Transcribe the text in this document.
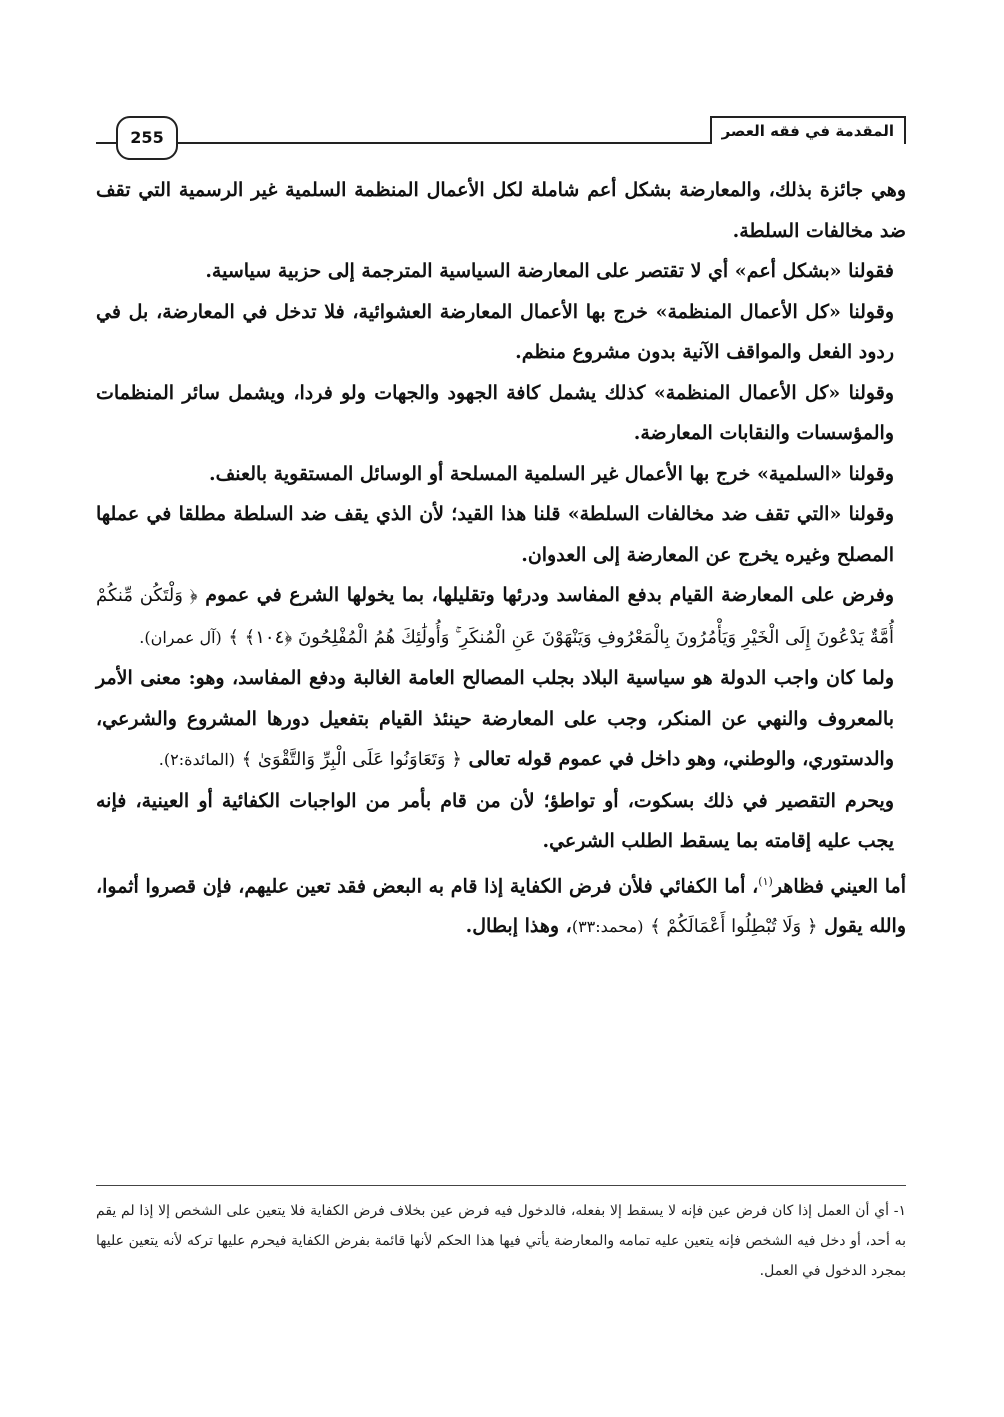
المقدمة في فقه العصر
255

وهي جائزة بذلك، والمعارضة بشكل أعم شاملة لكل الأعمال المنظمة السلمية غير الرسمية التي تقف ضد مخالفات السلطة.

فقولنا «بشكل أعم» أي لا تقتصر على المعارضة السياسية المترجمة إلى حزبية سياسية.

وقولنا «كل الأعمال المنظمة» خرج بها الأعمال المعارضة العشوائية، فلا تدخل في المعارضة، بل في ردود الفعل والمواقف الآنية بدون مشروع منظم.

وقولنا «كل الأعمال المنظمة» كذلك يشمل كافة الجهود والجهات ولو فردا، ويشمل سائر المنظمات والمؤسسات والنقابات المعارضة.

وقولنا «السلمية» خرج بها الأعمال غير السلمية المسلحة أو الوسائل المستقوية بالعنف.

وقولنا «التي تقف ضد مخالفات السلطة» قلنا هذا القيد؛ لأن الذي يقف ضد السلطة مطلقا في عملها المصلح وغيره يخرج عن المعارضة إلى العدوان.

وفرض على المعارضة القيام بدفع المفاسد ودرئها وتقليلها، بما يخولها الشرع في عموم ﴿ وَلْتَكُن مِّنكُمْ أُمَّةٌ يَدْعُونَ إِلَى الْخَيْرِ وَيَأْمُرُونَ بِالْمَعْرُوفِ وَيَنْهَوْنَ عَنِ الْمُنكَرِ ۚ وَأُولَٰئِكَ هُمُ الْمُفْلِحُونَ ﴿١٠٤﴾ ﴾ (آل عمران).

ولما كان واجب الدولة هو سياسية البلاد بجلب المصالح العامة الغالبة ودفع المفاسد، وهو: معنى الأمر بالمعروف والنهي عن المنكر، وجب على المعارضة حينئذ القيام بتفعيل دورها المشروع والشرعي، والدستوري، والوطني، وهو داخل في عموم قوله تعالى ﴿ وَتَعَاوَنُوا عَلَى الْبِرِّ وَالتَّقْوَىٰ ﴾ (المائدة:٢).

ويحرم التقصير في ذلك بسكوت، أو تواطؤ؛ لأن من قام بأمر من الواجبات الكفائية أو العينية، فإنه يجب عليه إقامته بما يسقط الطلب الشرعي.

أما العيني فظاهر$^{(١)}$، أما الكفائي فلأن فرض الكفاية إذا قام به البعض فقد تعين عليهم، فإن قصروا أثموا، والله يقول ﴿ وَلَا تُبْطِلُوا أَعْمَالَكُمْ ﴾ (محمد:٣٣)، وهذا إبطال.

١- أي أن العمل إذا كان فرض عين فإنه لا يسقط إلا بفعله، فالدخول فيه فرض عين بخلاف فرض الكفاية فلا يتعين على الشخص إلا إذا لم يقم به أحد، أو دخل فيه الشخص فإنه يتعين عليه تمامه والمعارضة يأتي فيها هذا الحكم لأنها قائمة بفرض الكفاية فيحرم عليها تركه لأنه يتعين عليها بمجرد الدخول في العمل.
